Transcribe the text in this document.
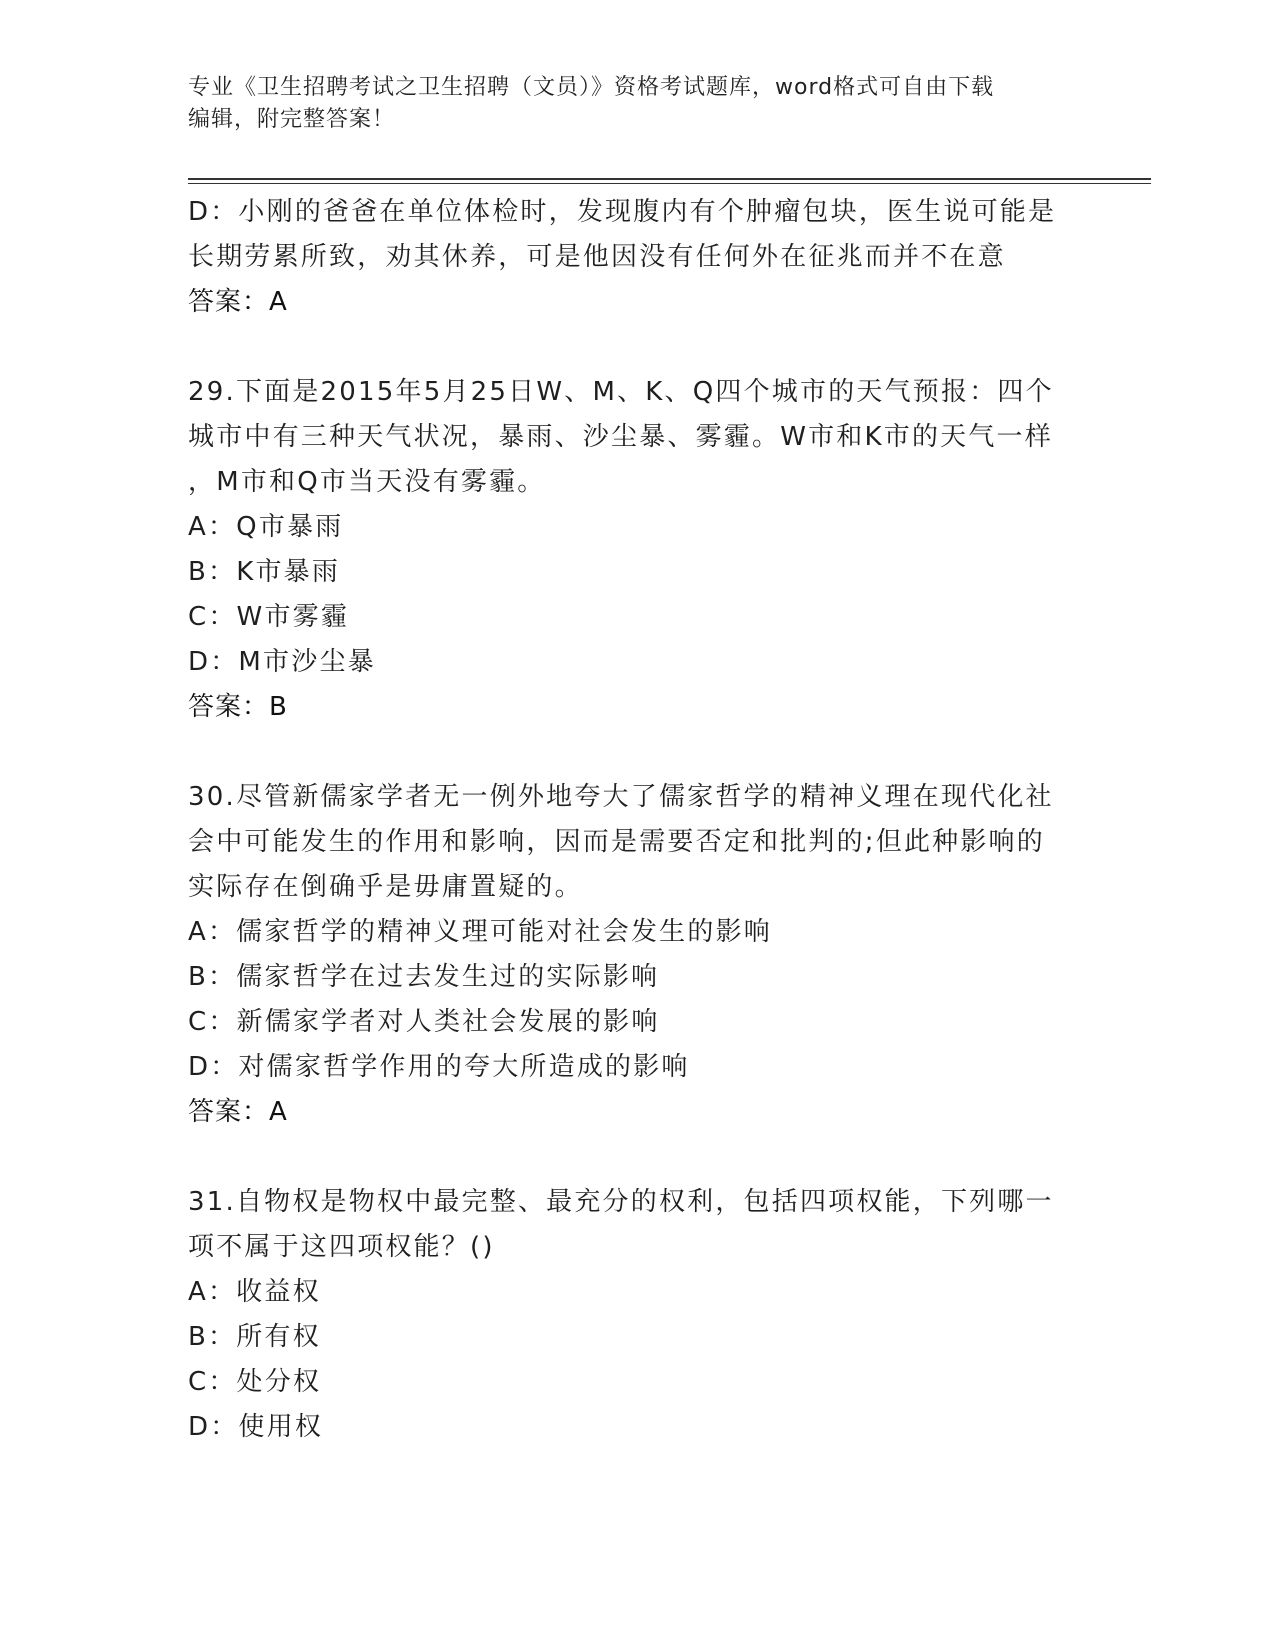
专业《卫生招聘考试之卫生招聘（文员）》资格考试题库，word格式可自由下载
编辑，附完整答案！
D：小刚的爸爸在单位体检时，发现腹内有个肿瘤包块，医生说可能是
长期劳累所致，劝其休养，可是他因没有任何外在征兆而并不在意
答案：A
29.下面是2015年5月25日W、M、K、Q四个城市的天气预报：四个
城市中有三种天气状况，暴雨、沙尘暴、雾霾。W市和K市的天气一样
，M市和Q市当天没有雾霾。
A：Q市暴雨
B：K市暴雨
C：W市雾霾
D：M市沙尘暴
答案：B
30.尽管新儒家学者无一例外地夸大了儒家哲学的精神义理在现代化社
会中可能发生的作用和影响，因而是需要否定和批判的;但此种影响的
实际存在倒确乎是毋庸置疑的。
A：儒家哲学的精神义理可能对社会发生的影响
B：儒家哲学在过去发生过的实际影响
C：新儒家学者对人类社会发展的影响
D：对儒家哲学作用的夸大所造成的影响
答案：A
31.自物权是物权中最完整、最充分的权利，包括四项权能，下列哪一
项不属于这四项权能？()
A：收益权
B：所有权
C：处分权
D：使用权
